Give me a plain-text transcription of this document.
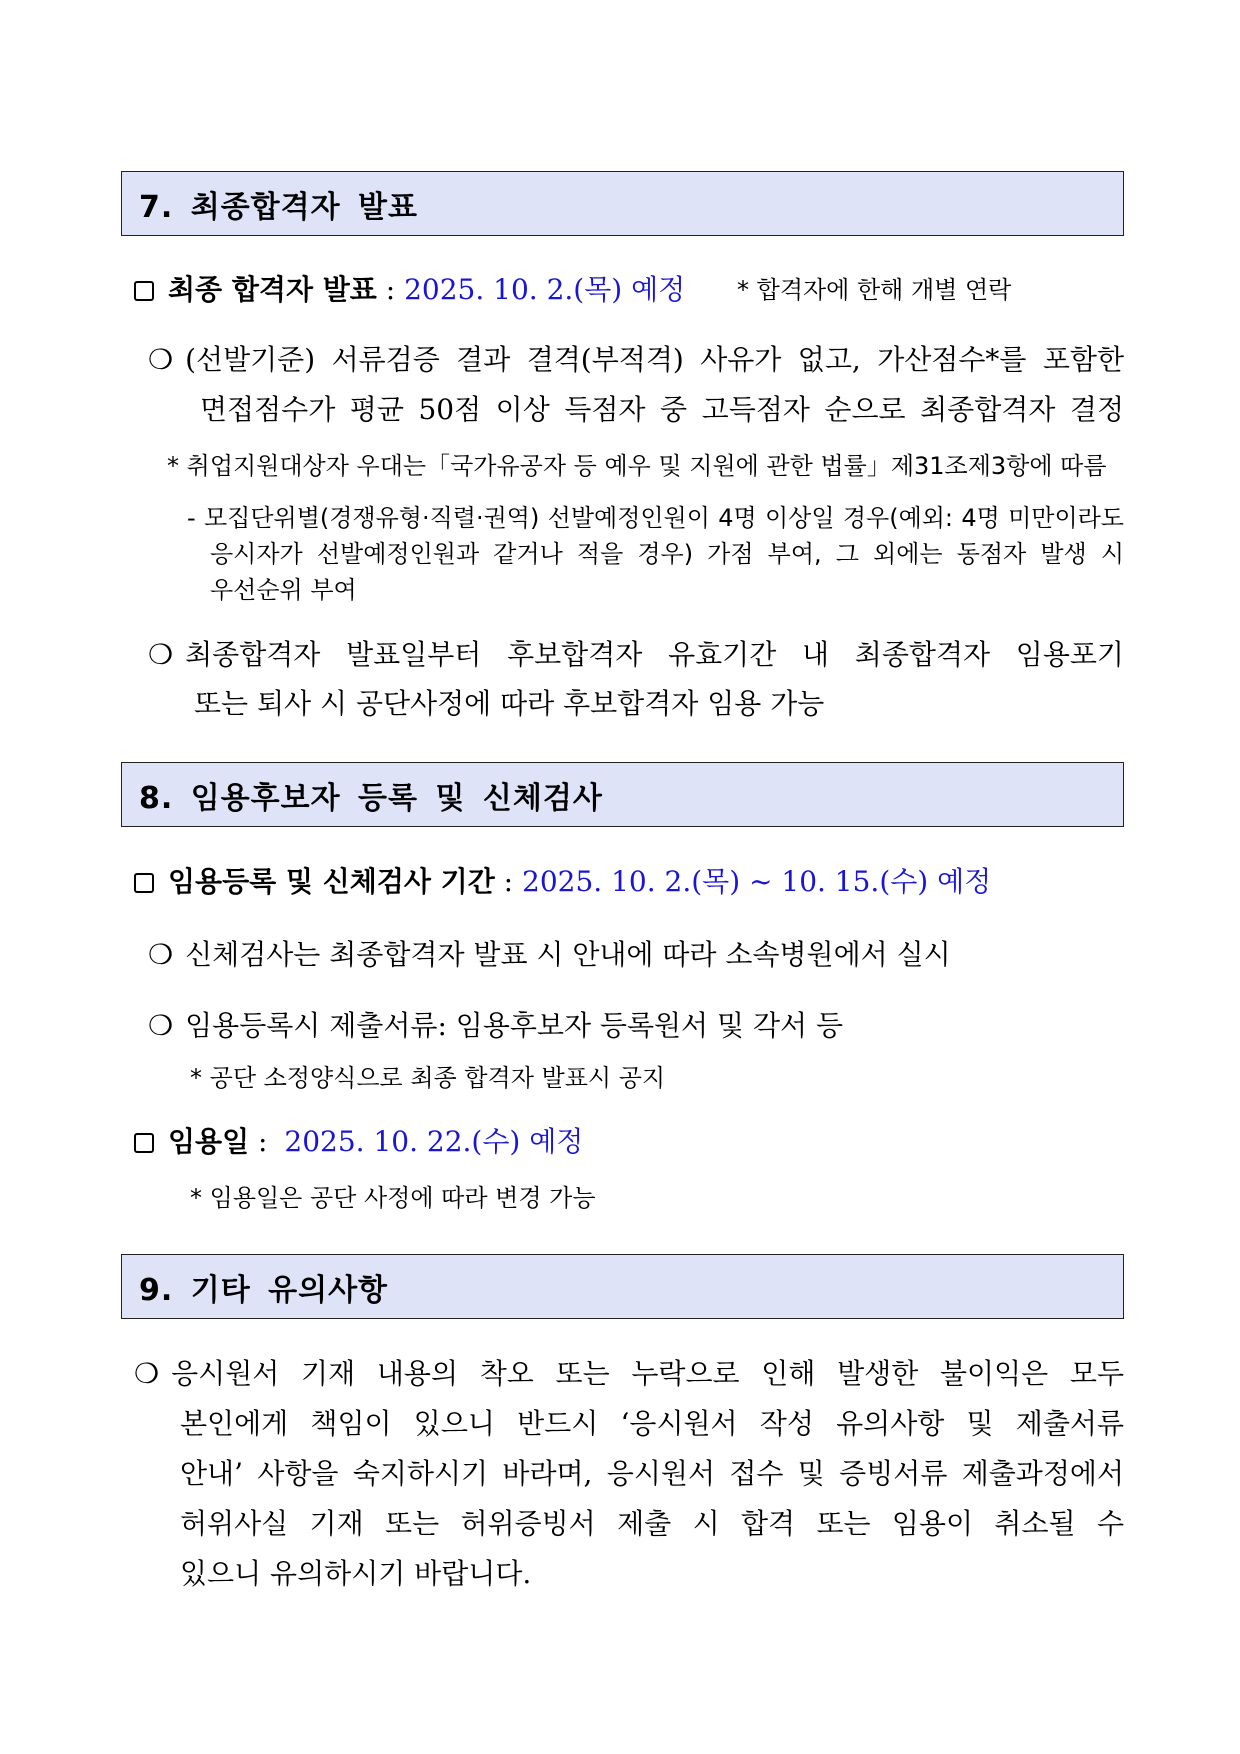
7. 최종합격자 발표
최종 합격자 발표 : 2025. 10. 2.(목) 예정 * 합격자에 한해 개별 연락
❍ (선발기준) 서류검증 결과 결격(부적격) 사유가 없고, 가산점수*를 포함한
면접점수가 평균 50점 이상 득점자 중 고득점자 순으로 최종합격자 결정
* 취업지원대상자 우대는「국가유공자 등 예우 및 지원에 관한 법률」제31조제3항에 따름
- 모집단위별(경쟁유형·직렬·권역) 선발예정인원이 4명 이상일 경우(예외: 4명 미만이라도
응시자가 선발예정인원과 같거나 적을 경우) 가점 부여, 그 외에는 동점자 발생 시
우선순위 부여
❍ 최종합격자 발표일부터 후보합격자 유효기간 내 최종합격자 임용포기
또는 퇴사 시 공단사정에 따라 후보합격자 임용 가능
8. 임용후보자 등록 및 신체검사
임용등록 및 신체검사 기간 : 2025. 10. 2.(목) ~ 10. 15.(수) 예정
❍ 신체검사는 최종합격자 발표 시 안내에 따라 소속병원에서 실시
❍ 임용등록시 제출서류: 임용후보자 등록원서 및 각서 등
* 공단 소정양식으로 최종 합격자 발표시 공지
임용일 : 2025. 10. 22.(수) 예정
* 임용일은 공단 사정에 따라 변경 가능
9. 기타 유의사항
❍ 응시원서 기재 내용의 착오 또는 누락으로 인해 발생한 불이익은 모두
본인에게 책임이 있으니 반드시 ‘응시원서 작성 유의사항 및 제출서류
안내’ 사항을 숙지하시기 바라며, 응시원서 접수 및 증빙서류 제출과정에서
허위사실 기재 또는 허위증빙서 제출 시 합격 또는 임용이 취소될 수
있으니 유의하시기 바랍니다.
